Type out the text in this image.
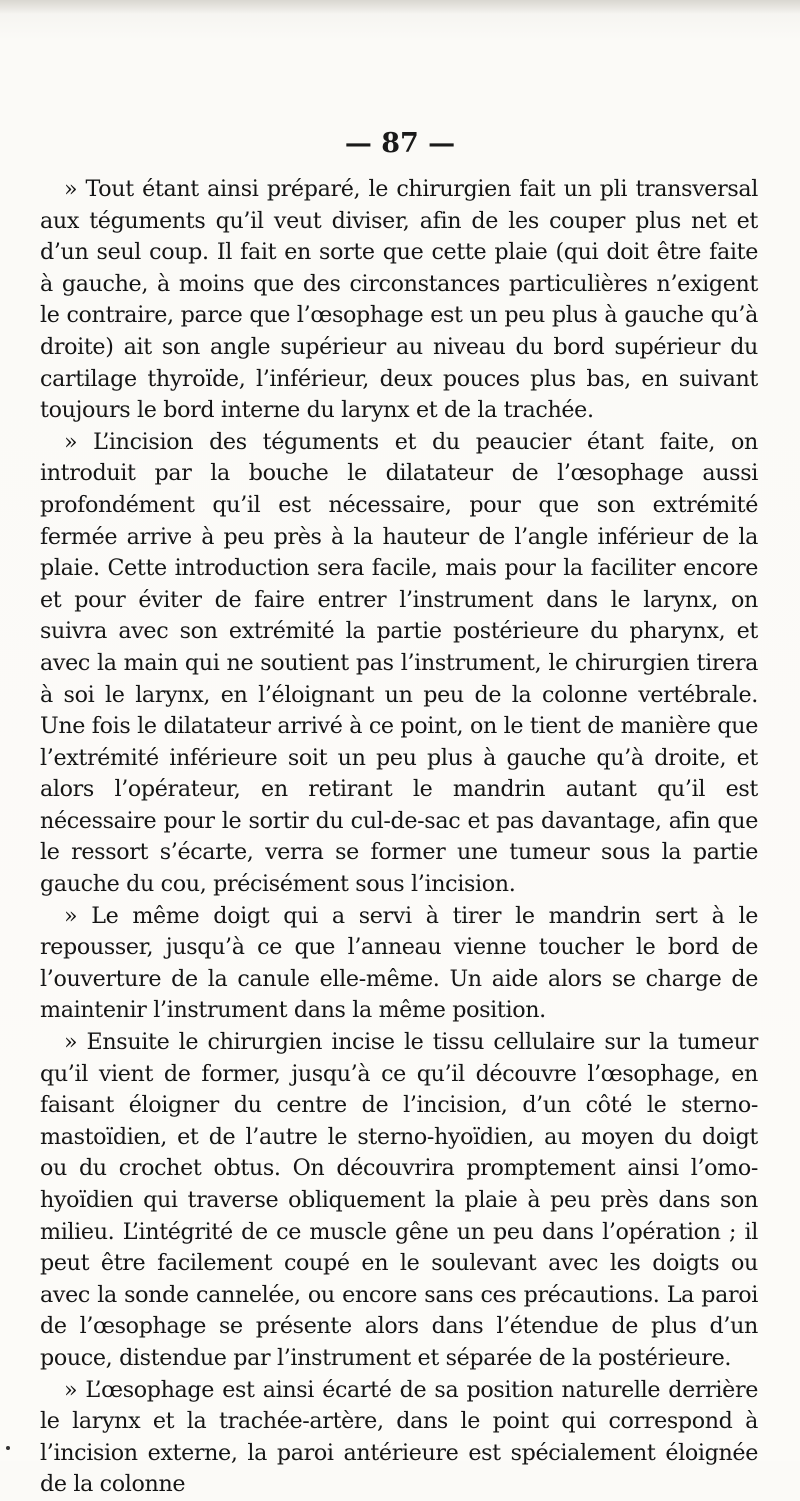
— 87 —

» Tout étant ainsi préparé, le chirurgien fait un pli transversal aux téguments qu’il veut diviser, afin de les couper plus net et d’un seul coup. Il fait en sorte que cette plaie (qui doit être faite à gauche, à moins que des circonstances particulières n’exigent le contraire, parce que l’œsophage est un peu plus à gauche qu’à droite) ait son angle supérieur au niveau du bord supérieur du cartilage thyroïde, l’inférieur, deux pouces plus bas, en suivant toujours le bord interne du larynx et de la trachée.

» L’incision des téguments et du peaucier étant faite, on introduit par la bouche le dilatateur de l’œsophage aussi profondément qu’il est nécessaire, pour que son extrémité fermée arrive à peu près à la hauteur de l’angle inférieur de la plaie. Cette introduction sera facile, mais pour la faciliter encore et pour éviter de faire entrer l’instrument dans le larynx, on suivra avec son extrémité la partie postérieure du pharynx, et avec la main qui ne soutient pas l’instrument, le chirurgien tirera à soi le larynx, en l’éloignant un peu de la colonne vertébrale. Une fois le dilatateur arrivé à ce point, on le tient de manière que l’extrémité inférieure soit un peu plus à gauche qu’à droite, et alors l’opérateur, en retirant le mandrin autant qu’il est nécessaire pour le sortir du cul-de-sac et pas davantage, afin que le ressort s’écarte, verra se former une tumeur sous la partie gauche du cou, précisément sous l’incision.

» Le même doigt qui a servi à tirer le mandrin sert à le repousser, jusqu’à ce que l’anneau vienne toucher le bord de l’ouverture de la canule elle-même. Un aide alors se charge de maintenir l’instrument dans la même position.

» Ensuite le chirurgien incise le tissu cellulaire sur la tumeur qu’il vient de former, jusqu’à ce qu’il découvre l’œsophage, en faisant éloigner du centre de l’incision, d’un côté le sterno-mastoïdien, et de l’autre le sterno-hyoïdien, au moyen du doigt ou du crochet obtus. On découvrira promptement ainsi l’omo-hyoïdien qui traverse obliquement la plaie à peu près dans son milieu. L’intégrité de ce muscle gêne un peu dans l’opération ; il peut être facilement coupé en le soulevant avec les doigts ou avec la sonde cannelée, ou encore sans ces précautions. La paroi de l’œsophage se présente alors dans l’étendue de plus d’un pouce, distendue par l’instrument et séparée de la postérieure.

» L’œsophage est ainsi écarté de sa position naturelle derrière le larynx et la trachée-artère, dans le point qui correspond à l’incision externe, la paroi antérieure est spécialement éloignée de la colonne
